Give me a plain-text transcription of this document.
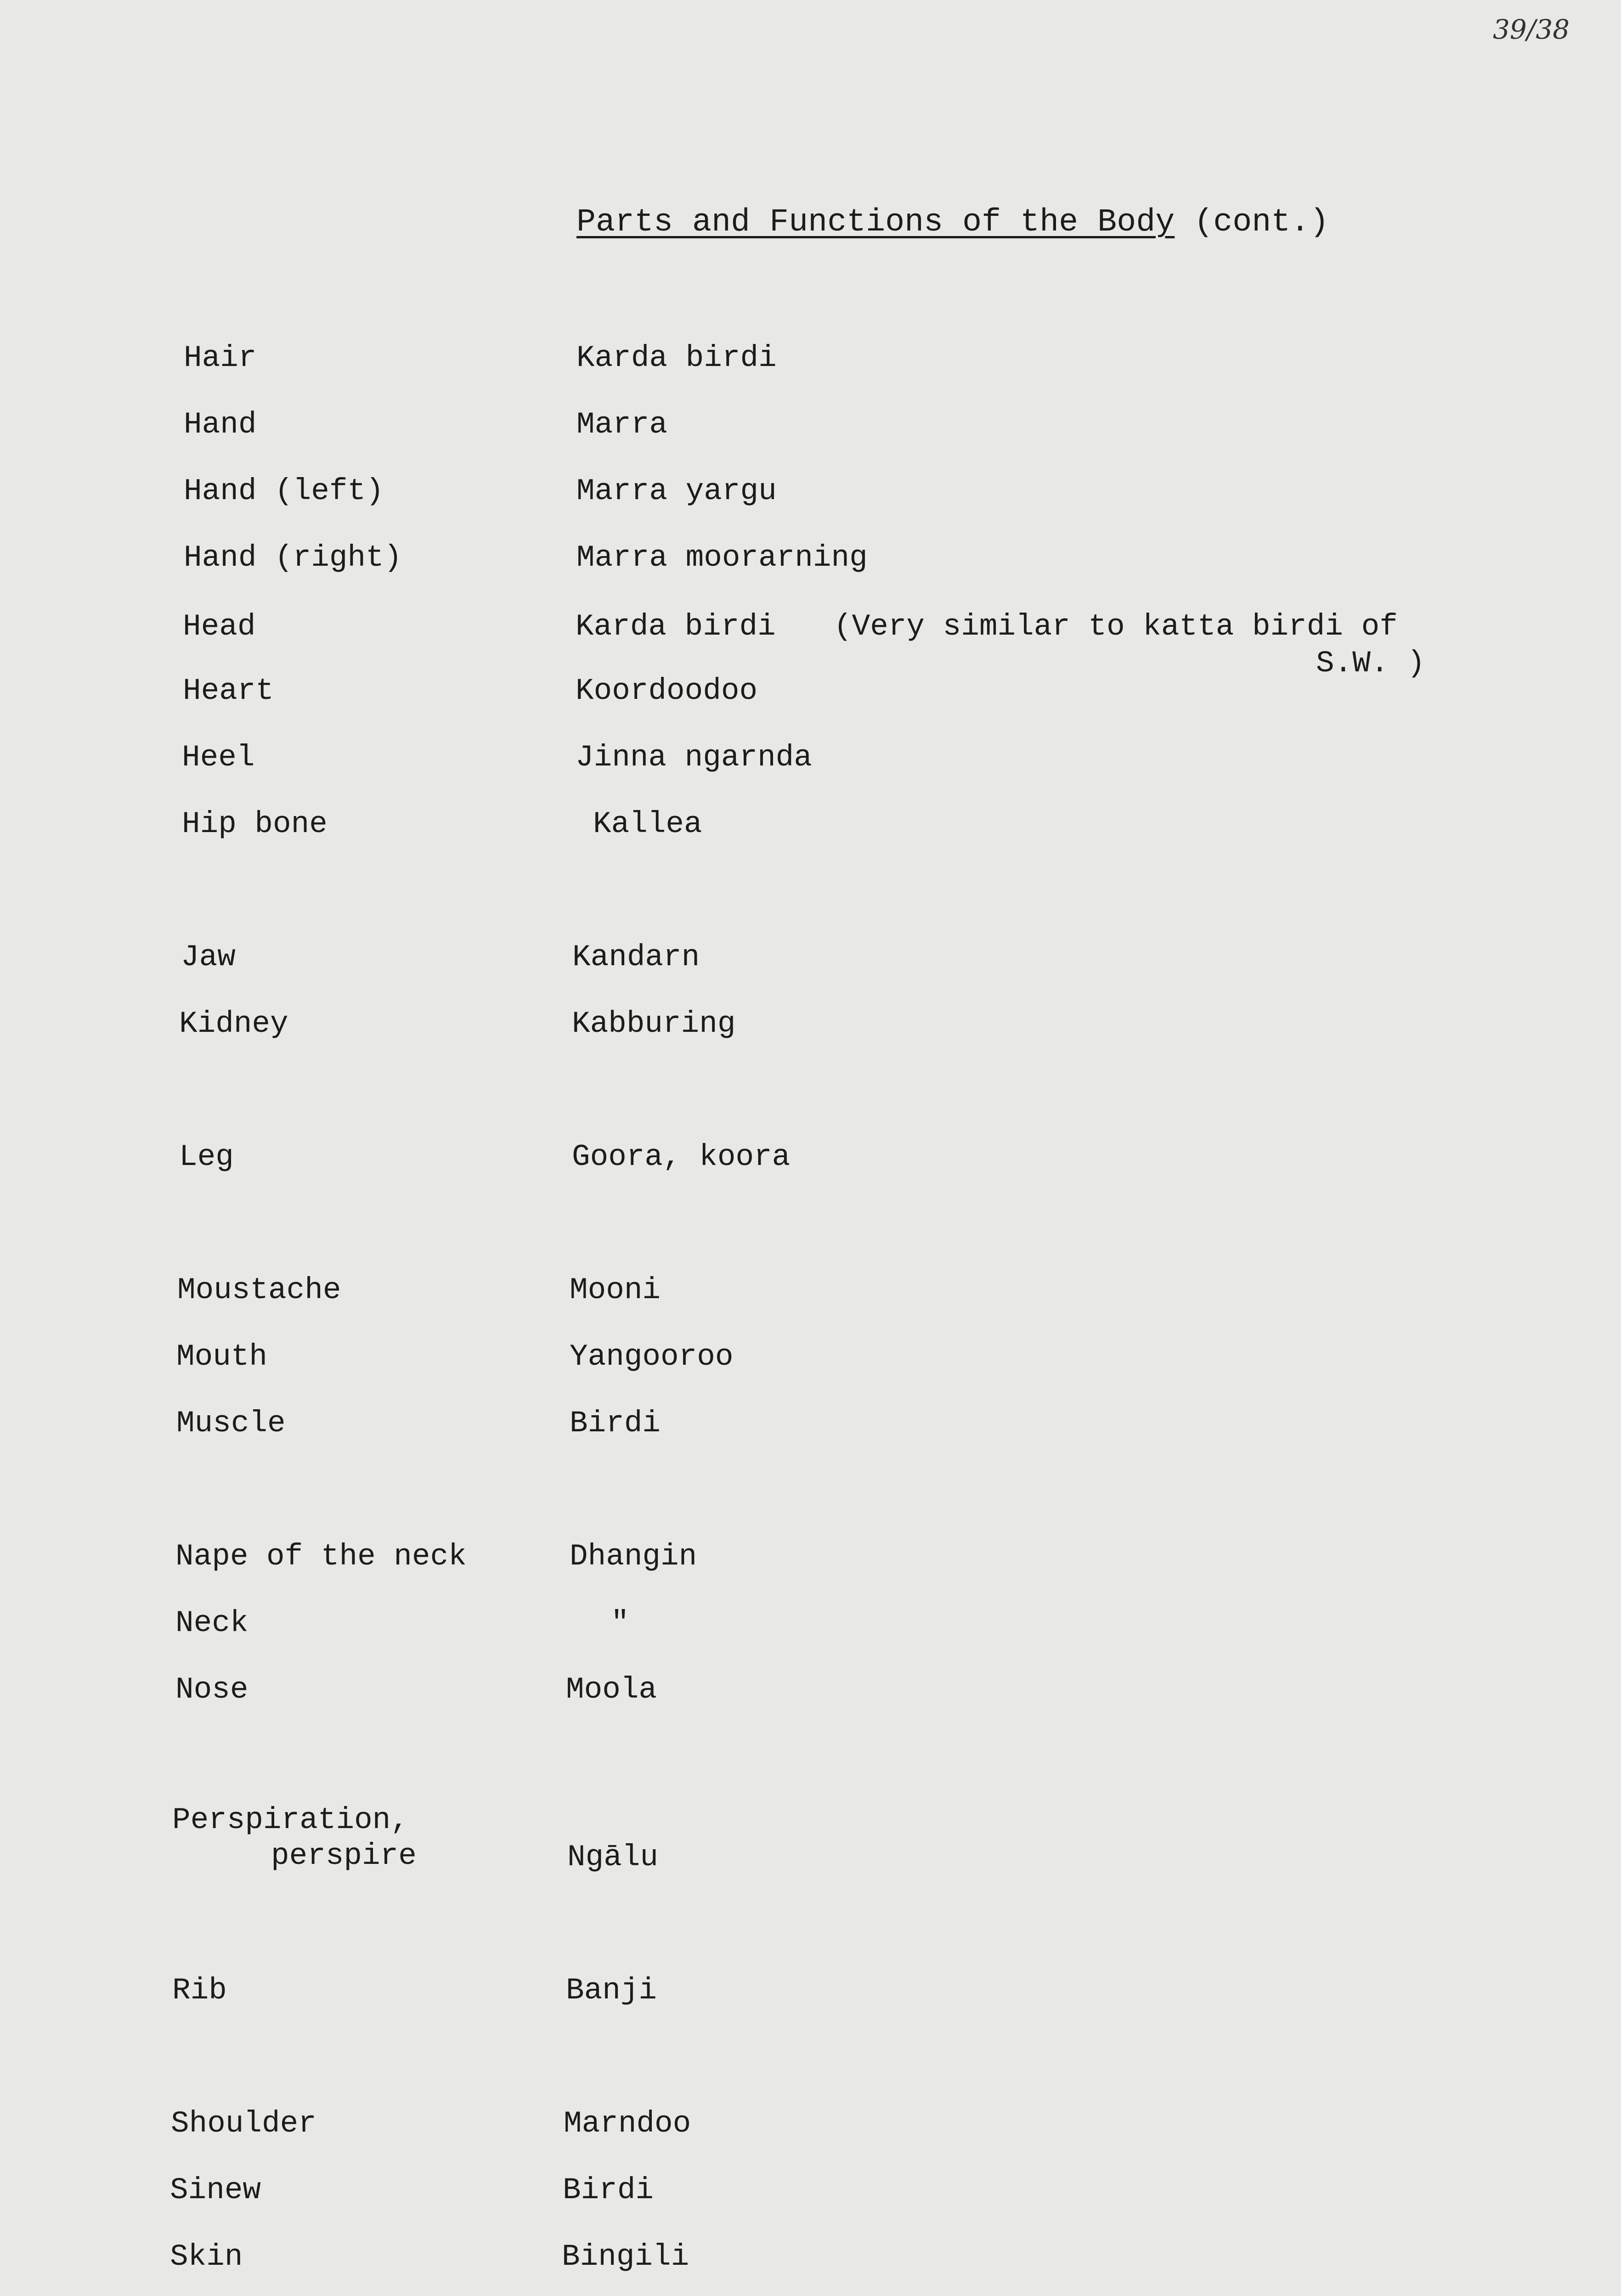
39/38
Parts and Functions of the Body (cont.)
Hair	Karda birdi
Hand	Marra
Hand (left)	Marra yargu
Hand (right)	Marra moorarning
Head	Karda birdi (Very similar to katta birdi of
S.W. )
Heart	Koordoodoo
Heel	Jinna ngarnda
Hip bone	Kallea
Jaw	Kandarn
Kidney	Kabburing
Leg	Goora, koora
Moustache	Mooni
Mouth	Yangooroo
Muscle	Birdi
Nape of the neck	Dhangin
Neck	"
Nose	Moola
Perspiration,
perspire	Ngālu
Rib	Banji
Shoulder	Marndoo
Sinew	Birdi
Skin	Bingili
